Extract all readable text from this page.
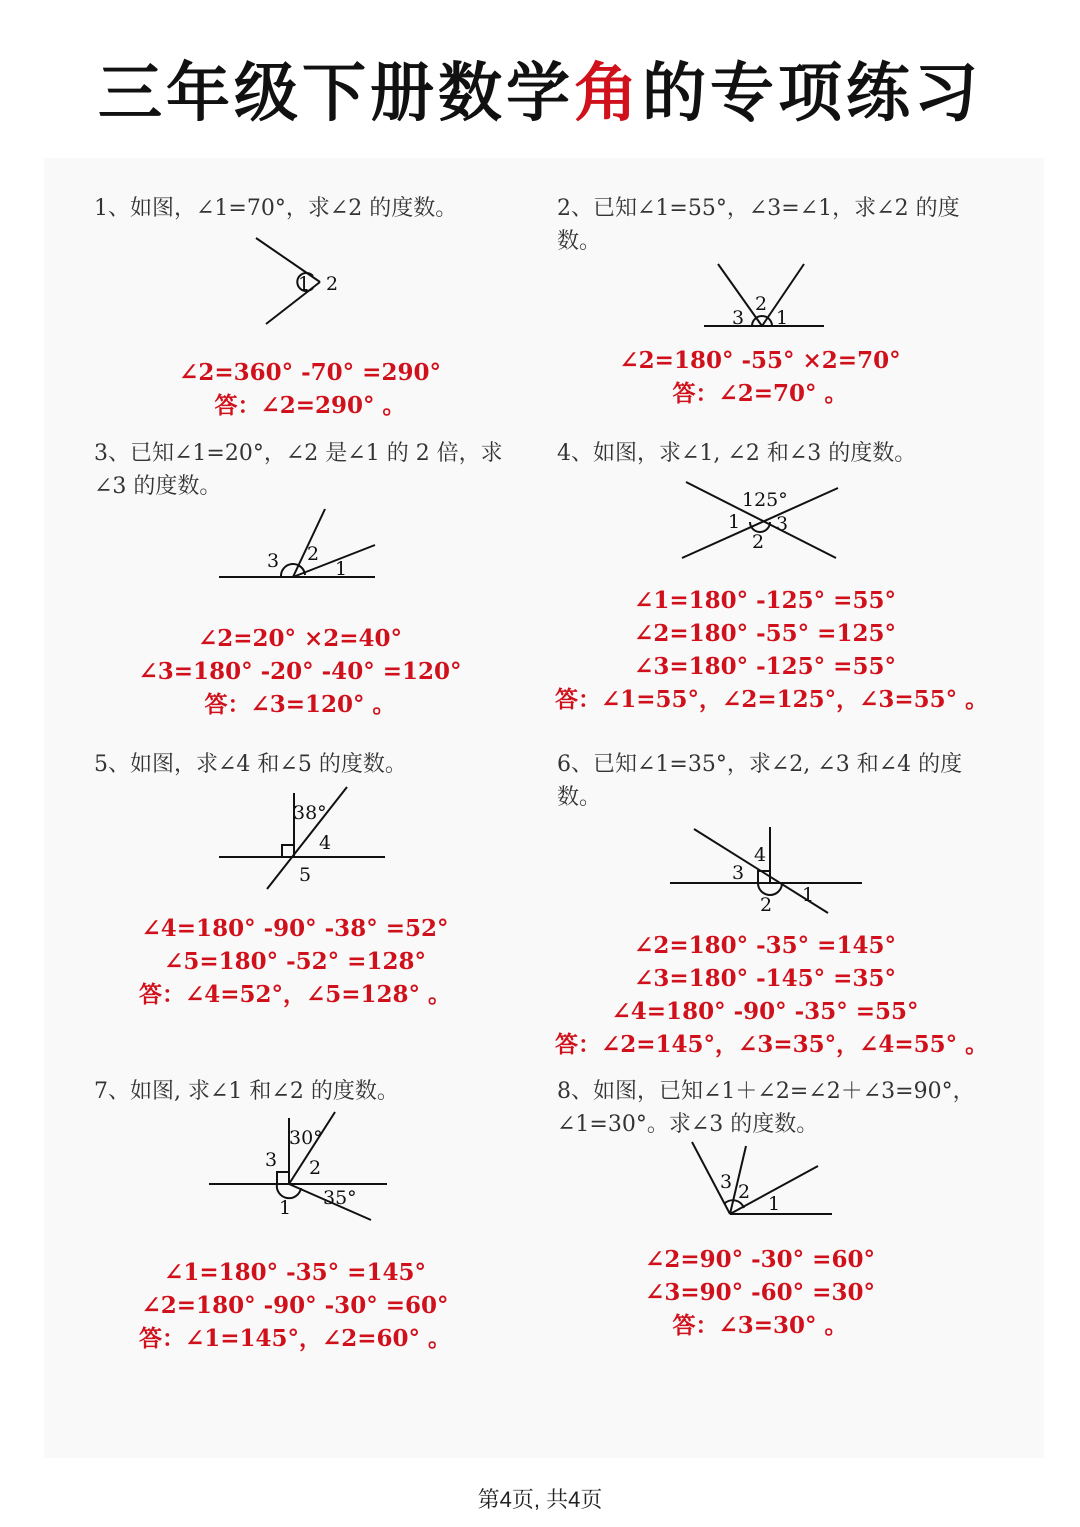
三年级下册数学角的专项练习
1、如图，∠1=70°，求∠2 的度数。
1 2
∠2=360° -70° =290°
答：∠2=290° 。
2、已知∠1=55°，∠3=∠1，求∠2 的度数。
3
2
1
∠2=180° -55° ×2=70°
答：∠2=70° 。
3、已知∠1=20°，∠2 是∠1 的 2 倍，求∠3 的度数。
3 2
1
∠2=20° ×2=40°
∠3=180° -20° -40° =120°
答：∠3=120° 。
4、如图，求∠1, ∠2 和∠3 的度数。
125°
1 3
2
∠1=180° -125° =55°
∠2=180° -55° =125°
∠3=180° -125° =55°
答：∠1=55°，∠2=125°，∠3=55° 。
5、如图，求∠4 和∠5 的度数。
38°
4
5
∠4=180° -90° -38° =52°
∠5=180° -52° =128°
答：∠4=52°，∠5=128° 。
6、已知∠1=35°，求∠2, ∠3 和∠4 的度数。
4
3
2 1
∠2=180° -35° =145°
∠3=180° -145° =35°
∠4=180° -90° -35° =55°
答：∠2=145°，∠3=35°，∠4=55° 。
7、如图, 求∠1 和∠2 的度数。
30°
3 2
35°
1
∠1=180° -35° =145°
∠2=180° -90° -30° =60°
答：∠1=145°，∠2=60° 。
8、如图，已知∠1＋∠2=∠2＋∠3=90°，∠1=30°。求∠3 的度数。
3 2
1
∠2=90° -30° =60°
∠3=90° -60° =30°
答：∠3=30° 。
第4页, 共4页
